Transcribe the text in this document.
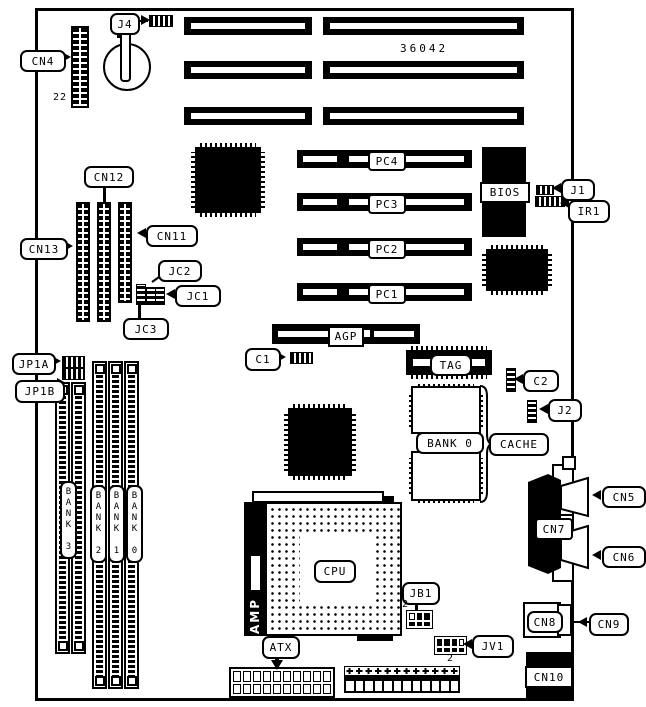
36042
22
CN4
J4
PC4
PC3
PC2
PC1
BIOS	J1
IR1
CN12
CN13
CN11
JC2
JC1
JC3
AGP
C1	TAG
C2
J2
BANK 0 CACHE
JP1A
JP1B
BANK 3 BANK 2 BANK 1 BANK 0
CPU
AMP
JB1
2
2
JV1
ATX
CN7
CN5
CN6
CN8	CN9
CN10
